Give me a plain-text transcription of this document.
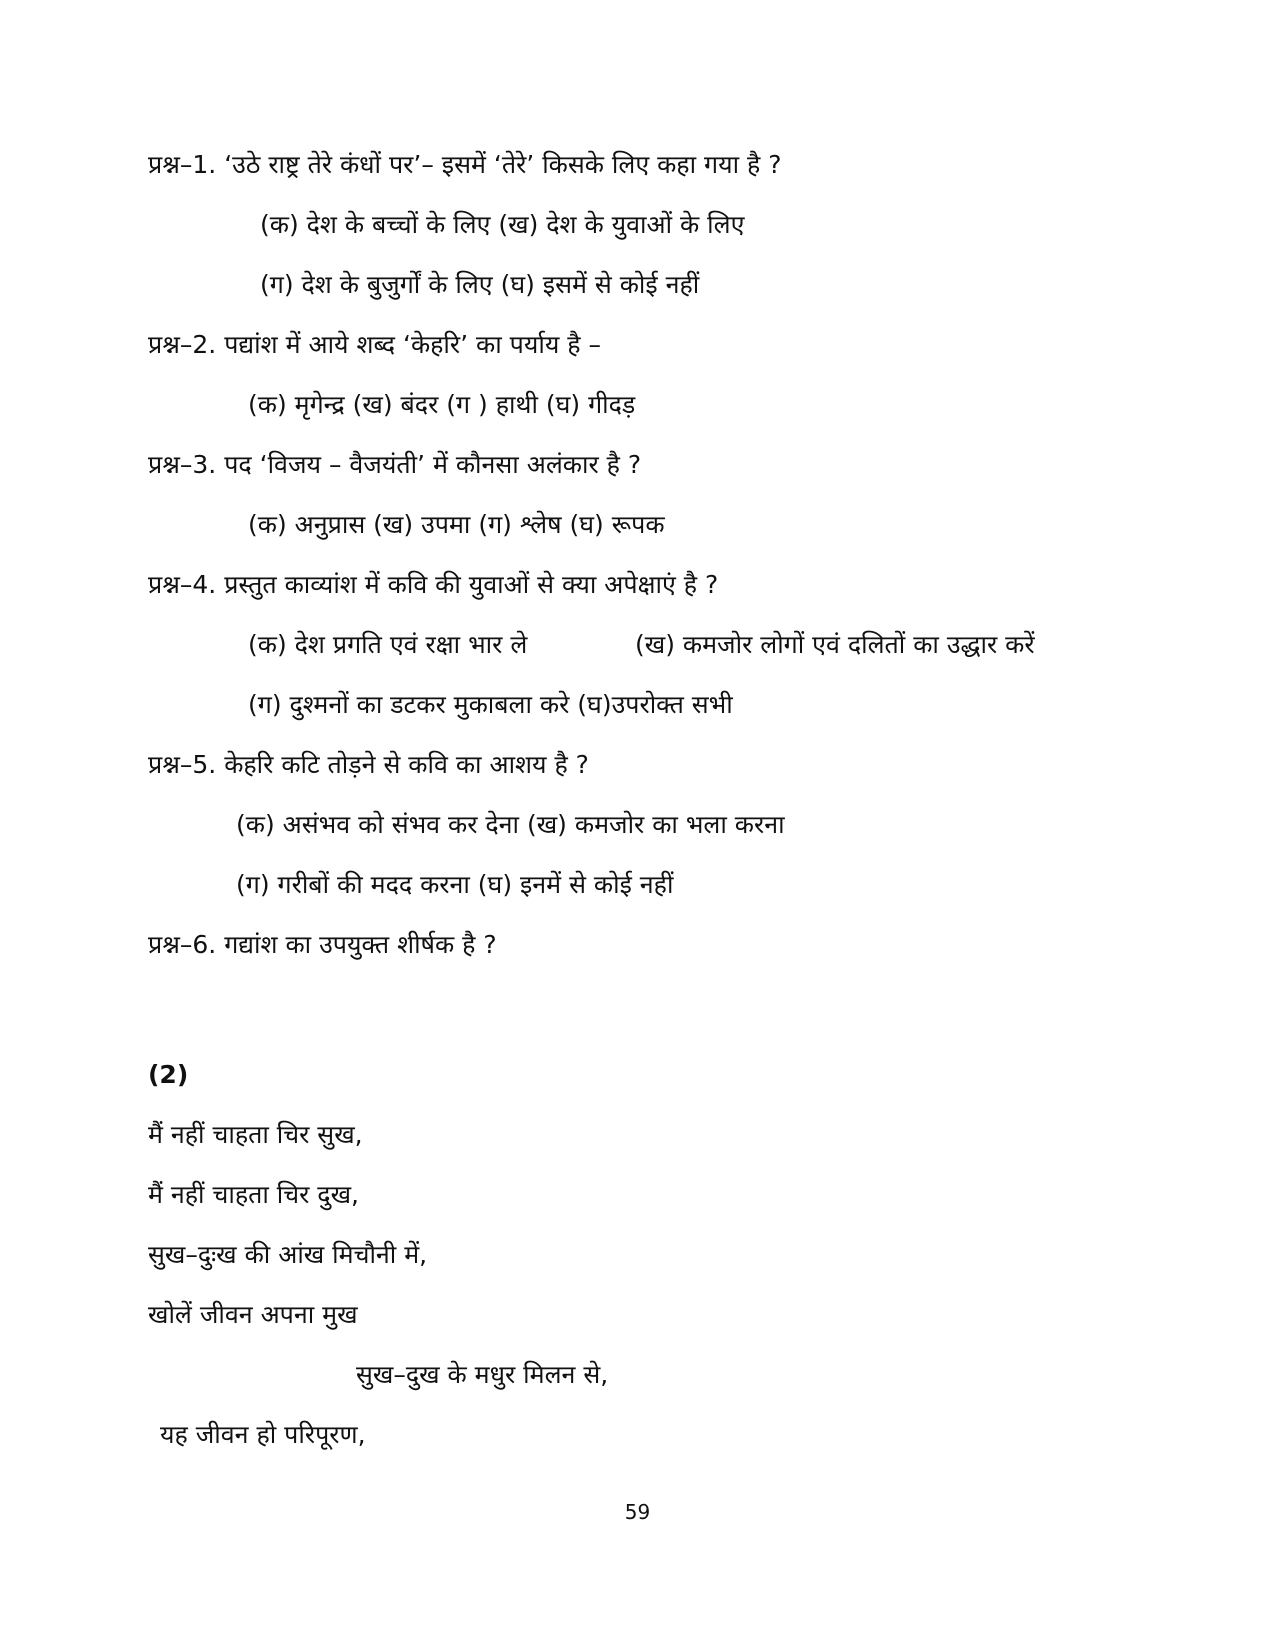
प्रश्न–1. ‘उठे राष्ट्र तेरे कंधों पर’– इसमें ‘तेरे’ किसके लिए कहा गया है ?
(क) देश के बच्चों के लिए (ख) देश के युवाओं के लिए
(ग) देश के बुजुर्गों के लिए (घ) इसमें से कोई नहीं
प्रश्न–2. पद्यांश में आये शब्द ‘केहरि’ का पर्याय है –
(क) मृगेन्द्र (ख) बंदर (ग ) हाथी (घ) गीदड़
प्रश्न–3. पद ‘विजय – वैजयंती’ में कौनसा अलंकार है ?
(क) अनुप्रास (ख) उपमा (ग) श्लेष (घ) रूपक
प्रश्न–4. प्रस्तुत काव्यांश में कवि की युवाओं से क्या अपेक्षाएं है ?
(क) देश प्रगति एवं रक्षा भार ले	(ख) कमजोर लोगों एवं दलितों का उद्धार करें
(ग) दुश्मनों का डटकर मुकाबला करे (घ)उपरोक्त सभी
प्रश्न–5. केहरि कटि तोड़ने से कवि का आशय है ?
(क) असंभव को संभव कर देना (ख) कमजोर का भला करना
(ग) गरीबों की मदद करना (घ) इनमें से कोई नहीं
प्रश्न–6. गद्यांश का उपयुक्त शीर्षक है ?
(2)
मैं नहीं चाहता चिर सुख,
मैं नहीं चाहता चिर दुख,
सुख–दुःख की आंख मिचौनी में,
खोलें जीवन अपना मुख
सुख–दुख के मधुर मिलन से,
यह जीवन हो परिपूरण,
59
